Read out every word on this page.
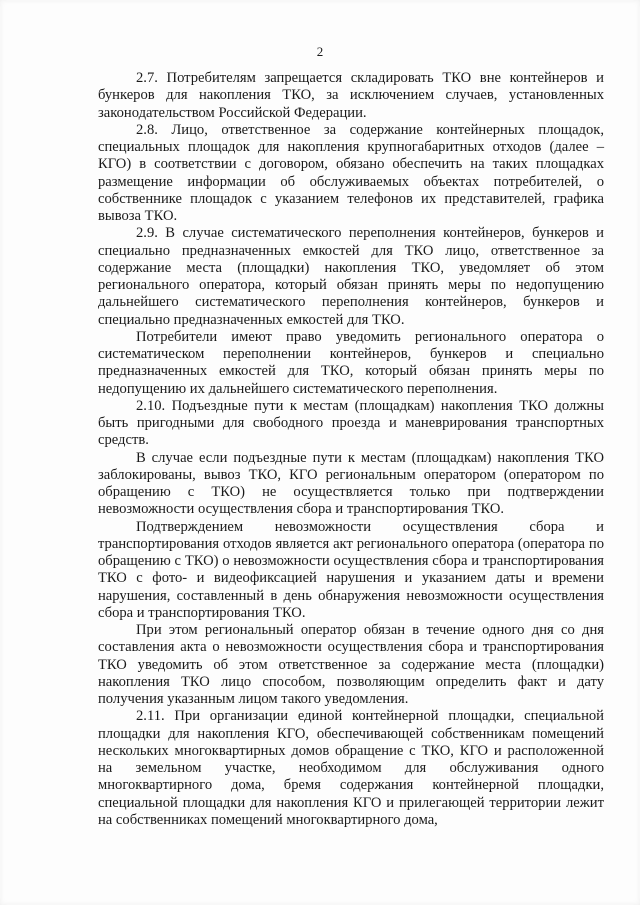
2

2.7. Потребителям запрещается складировать ТКО вне контейнеров и бункеров для накопления ТКО, за исключением случаев, установленных законодательством Российской Федерации.

2.8. Лицо, ответственное за содержание контейнерных площадок, специальных площадок для накопления крупногабаритных отходов (далее – КГО) в соответствии с договором, обязано обеспечить на таких площадках размещение информации об обслуживаемых объектах потребителей, о собственнике площадок с указанием телефонов их представителей, графика вывоза ТКО.

2.9. В случае систематического переполнения контейнеров, бункеров и специально предназначенных емкостей для ТКО лицо, ответственное за содержание места (площадки) накопления ТКО, уведомляет об этом регионального оператора, который обязан принять меры по недопущению дальнейшего систематического переполнения контейнеров, бункеров и специально предназначенных емкостей для ТКО.

Потребители имеют право уведомить регионального оператора о систематическом переполнении контейнеров, бункеров и специально предназначенных емкостей для ТКО, который обязан принять меры по недопущению их дальнейшего систематического переполнения.

2.10. Подъездные пути к местам (площадкам) накопления ТКО должны быть пригодными для свободного проезда и маневрирования транспортных средств.

В случае если подъездные пути к местам (площадкам) накопления ТКО заблокированы, вывоз ТКО, КГО региональным оператором (оператором по обращению с ТКО) не осуществляется только при подтверждении невозможности осуществления сбора и транспортирования ТКО.

Подтверждением невозможности осуществления сбора и транспортирования отходов является акт регионального оператора (оператора по обращению с ТКО) о невозможности осуществления сбора и транспортирования ТКО с фото- и видеофиксацией нарушения и указанием даты и времени нарушения, составленный в день обнаружения невозможности осуществления сбора и транспортирования ТКО.

При этом региональный оператор обязан в течение одного дня со дня составления акта о невозможности осуществления сбора и транспортирования ТКО уведомить об этом ответственное за содержание места (площадки) накопления ТКО лицо способом, позволяющим определить факт и дату получения указанным лицом такого уведомления.

2.11. При организации единой контейнерной площадки, специальной площадки для накопления КГО, обеспечивающей собственникам помещений нескольких многоквартирных домов обращение с ТКО, КГО и расположенной на земельном участке, необходимом для обслуживания одного многоквартирного дома, бремя содержания контейнерной площадки, специальной площадки для накопления КГО и прилегающей территории лежит на собственниках помещений многоквартирного дома,
